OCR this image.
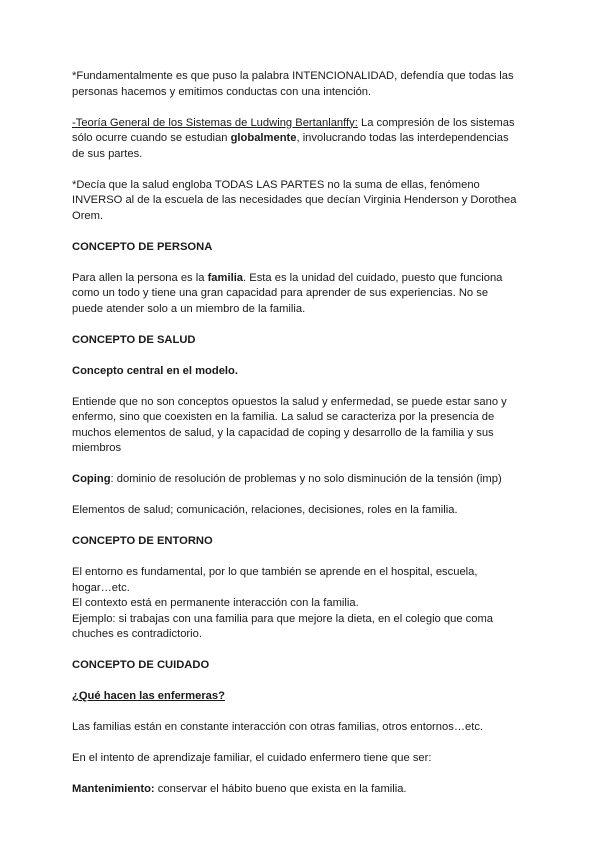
*Fundamentalmente es que puso la palabra INTENCIONALIDAD, defendía que todas las personas hacemos y emitimos conductas con una intención.

-Teoría General de los Sistemas de Ludwing Bertanlanffy: La compresión de los sistemas sólo ocurre cuando se estudian globalmente, involucrando todas las interdependencias de sus partes.

*Decía que la salud engloba TODAS LAS PARTES no la suma de ellas, fenómeno INVERSO al de la escuela de las necesidades que decían Virginia Henderson y Dorothea Orem.

CONCEPTO DE PERSONA

Para allen la persona es la familia. Esta es la unidad del cuidado, puesto que funciona como un todo y tiene una gran capacidad para aprender de sus experiencias. No se puede atender solo a un miembro de la familia.

CONCEPTO DE SALUD

Concepto central en el modelo.

Entiende que no son conceptos opuestos la salud y enfermedad, se puede estar sano y enfermo, sino que coexisten en la familia. La salud se caracteriza por la presencia de muchos elementos de salud, y la capacidad de coping y desarrollo de la familia y sus miembros

Coping: dominio de resolución de problemas y no solo disminución de la tensión (imp)

Elementos de salud; comunicación, relaciones, decisiones, roles en la familia.

CONCEPTO DE ENTORNO

El entorno es fundamental, por lo que también se aprende en el hospital, escuela, hogar…etc.

El contexto está en permanente interacción con la familia.

Ejemplo: si trabajas con una familia para que mejore la dieta, en el colegio que coma chuches es contradictorio.

CONCEPTO DE CUIDADO

¿Qué hacen las enfermeras?

Las familias están en constante interacción con otras familias, otros entornos…etc.

En el intento de aprendizaje familiar, el cuidado enfermero tiene que ser:

Mantenimiento: conservar el hábito bueno que exista en la familia.
